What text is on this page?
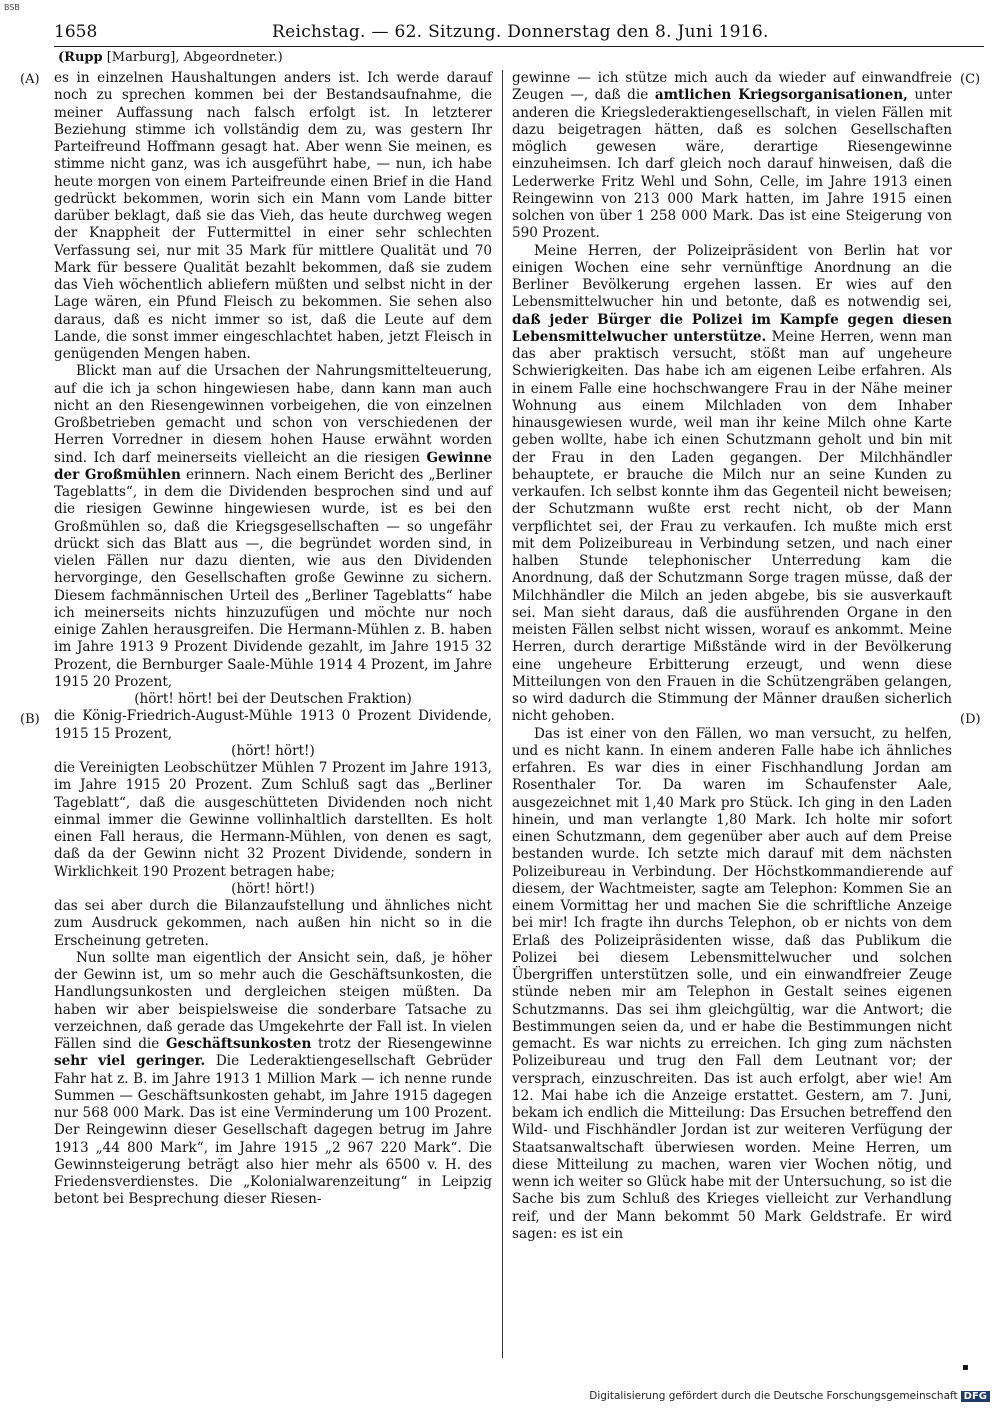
BSB
1658	Reichstag. — 62. Sitzung. Donnerstag den 8. Juni 1916.
(Rupp [Marburg], Abgeordneter.)
(A)
(B)
(C)
(D)

es in einzelnen Haushaltungen anders ist. Ich werde darauf noch zu sprechen kommen bei der Bestandsaufnahme, die meiner Auffassung nach falsch erfolgt ist. In letzterer Beziehung stimme ich vollständig dem zu, was gestern Ihr Parteifreund Hoffmann gesagt hat. Aber wenn Sie meinen, es stimme nicht ganz, was ich ausgeführt habe, — nun, ich habe heute morgen von einem Parteifreunde einen Brief in die Hand gedrückt bekommen, worin sich ein Mann vom Lande bitter darüber beklagt, daß sie das Vieh, das heute durchweg wegen der Knappheit der Futtermittel in einer sehr schlechten Verfassung sei, nur mit 35 Mark für mittlere Qualität und 70 Mark für bessere Qualität bezahlt bekommen, daß sie zudem das Vieh wöchentlich abliefern müßten und selbst nicht in der Lage wären, ein Pfund Fleisch zu bekommen. Sie sehen also daraus, daß es nicht immer so ist, daß die Leute auf dem Lande, die sonst immer eingeschlachtet haben, jetzt Fleisch in genügenden Mengen haben.

Blickt man auf die Ursachen der Nahrungsmittelteuerung, auf die ich ja schon hingewiesen habe, dann kann man auch nicht an den Riesengewinnen vorbeigehen, die von einzelnen Großbetrieben gemacht und schon von verschiedenen der Herren Vorredner in diesem hohen Hause erwähnt worden sind. Ich darf meinerseits vielleicht an die riesigen Gewinne der Großmühlen erinnern. Nach einem Bericht des „Berliner Tageblatts“, in dem die Dividenden besprochen sind und auf die riesigen Gewinne hingewiesen wurde, ist es bei den Großmühlen so, daß die Kriegsgesellschaften — so ungefähr drückt sich das Blatt aus —, die begründet worden sind, in vielen Fällen nur dazu dienten, wie aus den Dividenden hervorginge, den Gesellschaften große Gewinne zu sichern. Diesem fachmännischen Urteil des „Berliner Tageblatts“ habe ich meinerseits nichts hinzuzufügen und möchte nur noch einige Zahlen herausgreifen. Die Hermann-Mühlen z. B. haben im Jahre 1913 9 Prozent Dividende gezahlt, im Jahre 1915 32 Prozent, die Bernburger Saale-Mühle 1914 4 Prozent, im Jahre 1915 20 Prozent,

(hört! hört! bei der Deutschen Fraktion)

die König-Friedrich-August-Mühle 1913 0 Prozent Dividende, 1915 15 Prozent,

(hört! hört!)

die Vereinigten Leobschützer Mühlen 7 Prozent im Jahre 1913, im Jahre 1915 20 Prozent. Zum Schluß sagt das „Berliner Tageblatt“, daß die ausgeschütteten Dividenden noch nicht einmal immer die Gewinne vollinhaltlich darstellten. Es holt einen Fall heraus, die Hermann-Mühlen, von denen es sagt, daß da der Gewinn nicht 32 Prozent Dividende, sondern in Wirklichkeit 190 Prozent betragen habe;

(hört! hört!)

das sei aber durch die Bilanzaufstellung und ähnliches nicht zum Ausdruck gekommen, nach außen hin nicht so in die Erscheinung getreten.

Nun sollte man eigentlich der Ansicht sein, daß, je höher der Gewinn ist, um so mehr auch die Geschäftsunkosten, die Handlungsunkosten und dergleichen steigen müßten. Da haben wir aber beispielsweise die sonderbare Tatsache zu verzeichnen, daß gerade das Umgekehrte der Fall ist. In vielen Fällen sind die Geschäftsunkosten trotz der Riesengewinne sehr viel geringer. Die Lederaktiengesellschaft Gebrüder Fahr hat z. B. im Jahre 1913 1 Million Mark — ich nenne runde Summen — Geschäftsunkosten gehabt, im Jahre 1915 dagegen nur 568 000 Mark. Das ist eine Verminderung um 100 Prozent. Der Reingewinn dieser Gesellschaft dagegen betrug im Jahre 1913 „44 800 Mark“, im Jahre 1915 „2 967 220 Mark“. Die Gewinnsteigerung beträgt also hier mehr als 6500 v. H. des Friedensverdienstes. Die „Kolonialwarenzeitung“ in Leipzig betont bei Besprechung dieser Riesen-

gewinne — ich stütze mich auch da wieder auf einwandfreie Zeugen —, daß die amtlichen Kriegsorganisationen, unter anderen die Kriegslederaktiengesellschaft, in vielen Fällen mit dazu beigetragen hätten, daß es solchen Gesellschaften möglich gewesen wäre, derartige Riesengewinne einzuheimsen. Ich darf gleich noch darauf hinweisen, daß die Lederwerke Fritz Wehl und Sohn, Celle, im Jahre 1913 einen Reingewinn von 213 000 Mark hatten, im Jahre 1915 einen solchen von über 1 258 000 Mark. Das ist eine Steigerung von 590 Prozent.

Meine Herren, der Polizeipräsident von Berlin hat vor einigen Wochen eine sehr vernünftige Anordnung an die Berliner Bevölkerung ergehen lassen. Er wies auf den Lebensmittelwucher hin und betonte, daß es notwendig sei, daß jeder Bürger die Polizei im Kampfe gegen diesen Lebensmittelwucher unterstütze. Meine Herren, wenn man das aber praktisch versucht, stößt man auf ungeheure Schwierigkeiten. Das habe ich am eigenen Leibe erfahren. Als in einem Falle eine hochschwangere Frau in der Nähe meiner Wohnung aus einem Milchladen von dem Inhaber hinausgewiesen wurde, weil man ihr keine Milch ohne Karte geben wollte, habe ich einen Schutzmann geholt und bin mit der Frau in den Laden gegangen. Der Milchhändler behauptete, er brauche die Milch nur an seine Kunden zu verkaufen. Ich selbst konnte ihm das Gegenteil nicht beweisen; der Schutzmann wußte erst recht nicht, ob der Mann verpflichtet sei, der Frau zu verkaufen. Ich mußte mich erst mit dem Polizeibureau in Verbindung setzen, und nach einer halben Stunde telephonischer Unterredung kam die Anordnung, daß der Schutzmann Sorge tragen müsse, daß der Milchhändler die Milch an jeden abgebe, bis sie ausverkauft sei. Man sieht daraus, daß die ausführenden Organe in den meisten Fällen selbst nicht wissen, worauf es ankommt. Meine Herren, durch derartige Mißstände wird in der Bevölkerung eine ungeheure Erbitterung erzeugt, und wenn diese Mitteilungen von den Frauen in die Schützengräben gelangen, so wird dadurch die Stimmung der Männer draußen sicherlich nicht gehoben.

Das ist einer von den Fällen, wo man versucht, zu helfen, und es nicht kann. In einem anderen Falle habe ich ähnliches erfahren. Es war dies in einer Fischhandlung Jordan am Rosenthaler Tor. Da waren im Schaufenster Aale, ausgezeichnet mit 1,40 Mark pro Stück. Ich ging in den Laden hinein, und man verlangte 1,80 Mark. Ich holte mir sofort einen Schutzmann, dem gegenüber aber auch auf dem Preise bestanden wurde. Ich setzte mich darauf mit dem nächsten Polizeibureau in Verbindung. Der Höchstkommandierende auf diesem, der Wachtmeister, sagte am Telephon: Kommen Sie an einem Vormittag her und machen Sie die schriftliche Anzeige bei mir! Ich fragte ihn durchs Telephon, ob er nichts von dem Erlaß des Polizeipräsidenten wisse, daß das Publikum die Polizei bei diesem Lebensmittelwucher und solchen Übergriffen unterstützen solle, und ein einwandfreier Zeuge stünde neben mir am Telephon in Gestalt seines eigenen Schutzmanns. Das sei ihm gleichgültig, war die Antwort; die Bestimmungen seien da, und er habe die Bestimmungen nicht gemacht. Es war nichts zu erreichen. Ich ging zum nächsten Polizeibureau und trug den Fall dem Leutnant vor; der versprach, einzuschreiten. Das ist auch erfolgt, aber wie! Am 12. Mai habe ich die Anzeige erstattet. Gestern, am 7. Juni, bekam ich endlich die Mitteilung: Das Ersuchen betreffend den Wild- und Fischhändler Jordan ist zur weiteren Verfügung der Staatsanwaltschaft überwiesen worden. Meine Herren, um diese Mitteilung zu machen, waren vier Wochen nötig, und wenn ich weiter so Glück habe mit der Untersuchung, so ist die Sache bis zum Schluß des Krieges vielleicht zur Verhandlung reif, und der Mann bekommt 50 Mark Geldstrafe. Er wird sagen: es ist ein

▪
Digitalisierung gefördert durch die Deutsche Forschungsgemeinschaft DFG
